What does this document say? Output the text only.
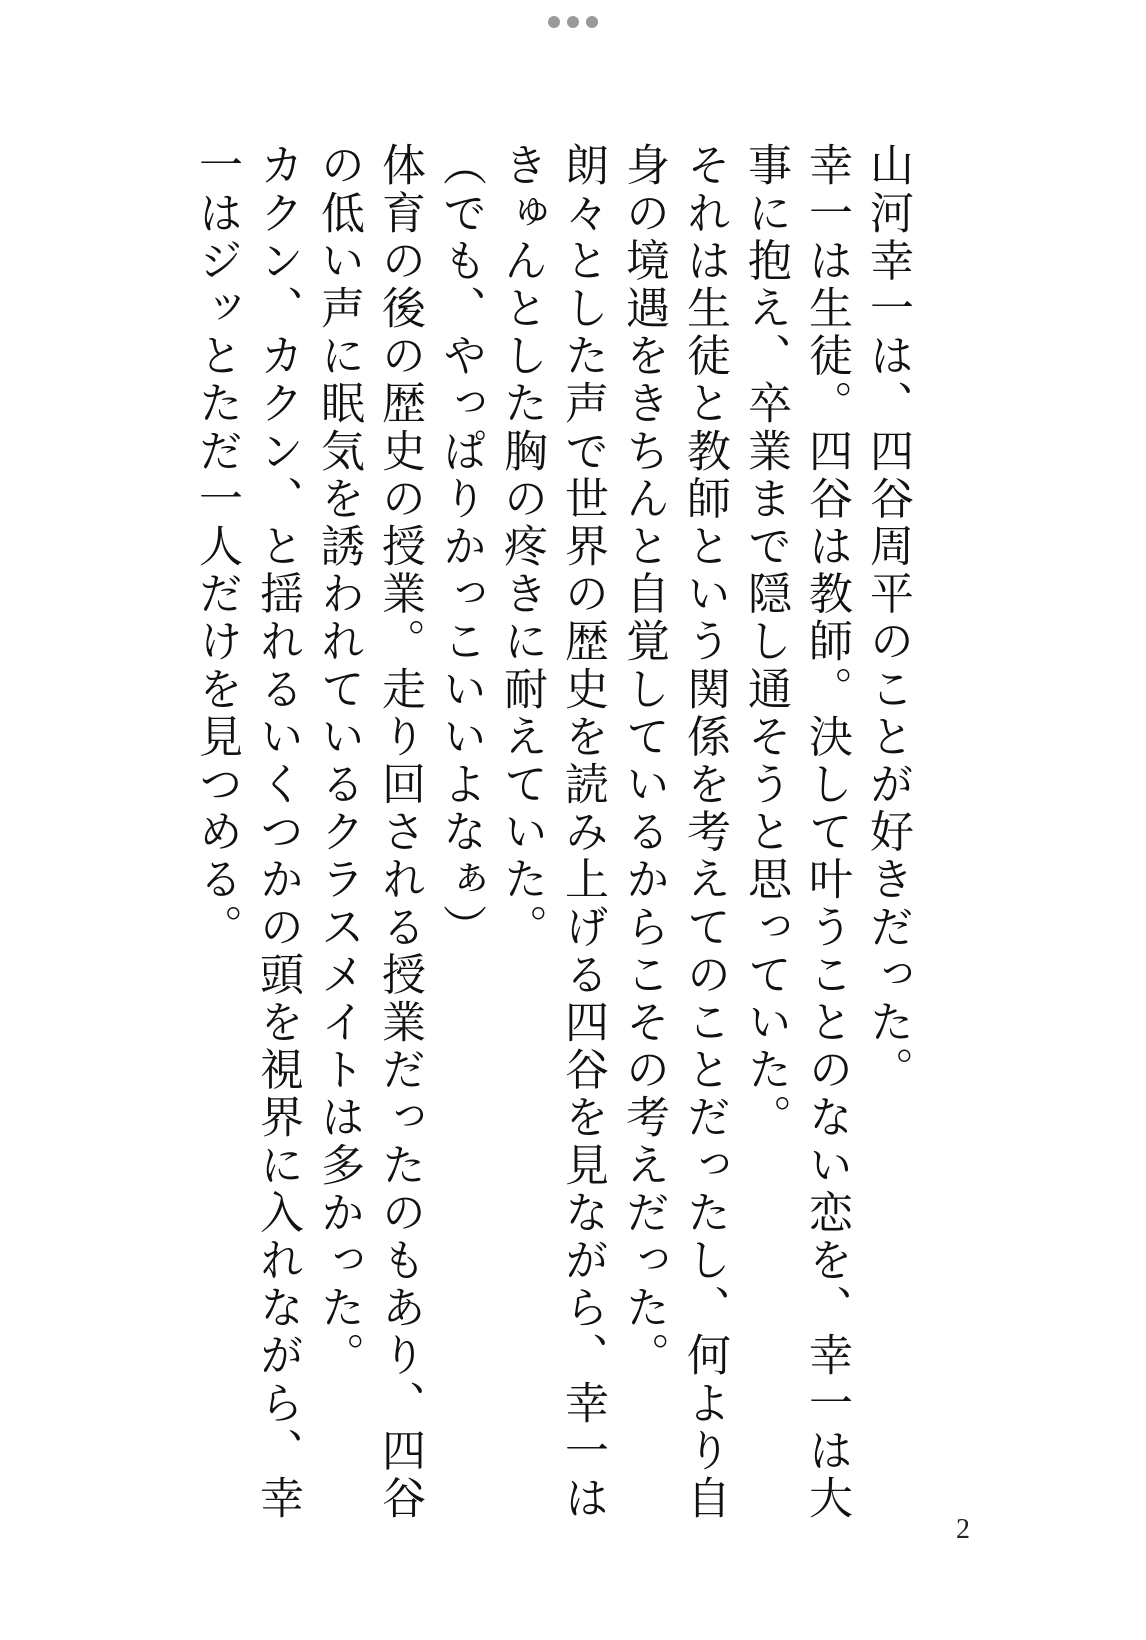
山河幸一は、四谷周平のことが好きだった。

幸一は生徒。四谷は教師。決して叶うことのない恋を、幸一は大事に抱え、卒業まで隠し通そうと思っていた。

それは生徒と教師という関係を考えてのことだったし、何より自身の境遇をきちんと自覚しているからこその考えだった。

朗々とした声で世界の歴史を読み上げる四谷を見ながら、幸一はきゅんとした胸の疼きに耐えていた。

（でも、やっぱりかっこいいよなぁ）

体育の後の歴史の授業。走り回される授業だったのもあり、四谷の低い声に眠気を誘われているクラスメイトは多かった。

カクン、カクン、と揺れるいくつかの頭を視界に入れながら、幸一はジッとただ一人だけを見つめる。

2
